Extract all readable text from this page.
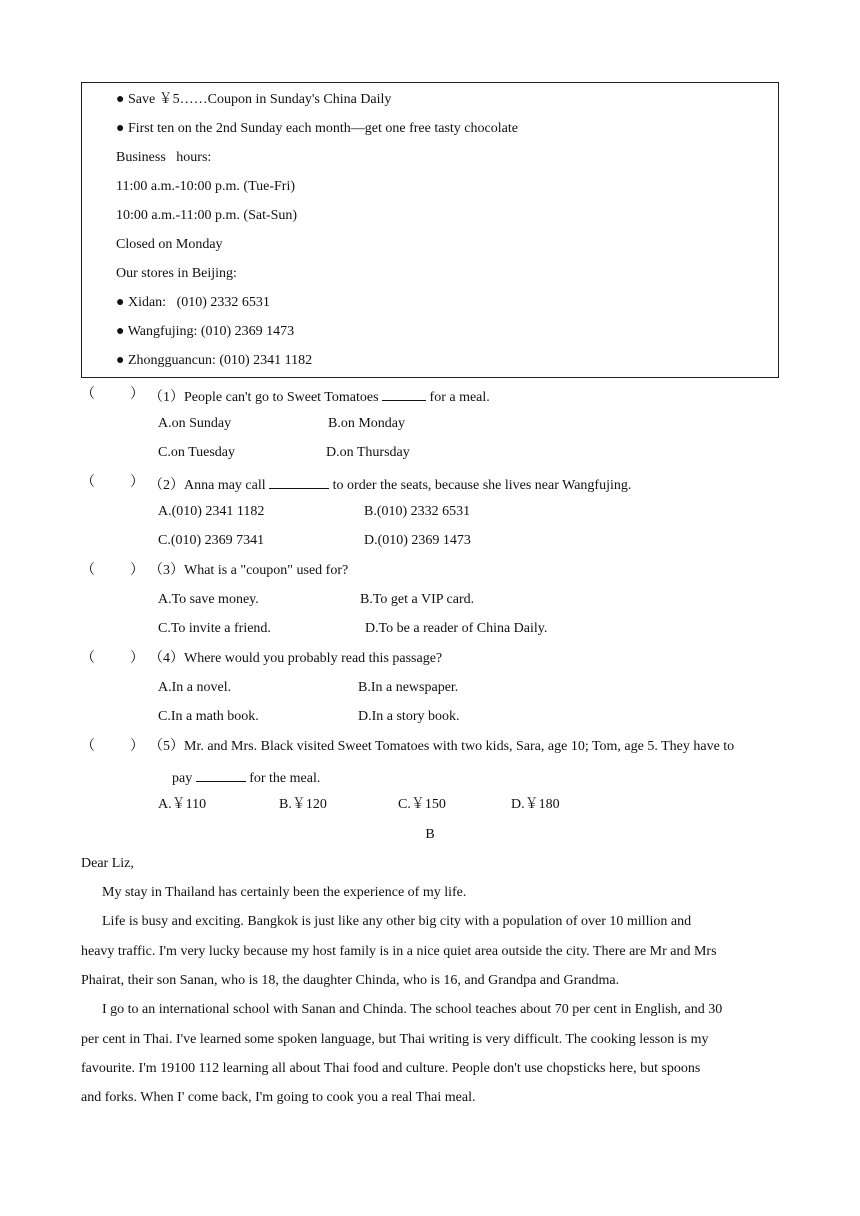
● Save ￥5……Coupon in Sunday's China Daily
● First ten on the 2nd Sunday each month—get one free tasty chocolate
Business   hours:
11:00 a.m.-10:00 p.m. (Tue-Fri)
10:00 a.m.-11:00 p.m. (Sat-Sun)
Closed on Monday
Our stores in Beijing:
● Xidan:   (010) 2332 6531
● Wangfujing: (010) 2369 1473
● Zhongguancun: (010) 2341 1182
（          ） （1）People can't go to Sweet Tomatoes	for a meal.
A.on Sunday	B.on Monday
C.on Tuesday	D.on Thursday
（          ） （2）Anna may call	to order the seats, because she lives near Wangfujing.
A.(010) 2341 1182	B.(010) 2332 6531
C.(010) 2369 7341	D.(010) 2369 1473
（          ） （3）What is a "coupon" used for?
A.To save money.	B.To get a VIP card.
C.To invite a friend.	D.To be a reader of China Daily.
（          ） （4）Where would you probably read this passage?
A.In a novel.	B.In a newspaper.
C.In a math book.	D.In a story book.
（          ） （5）Mr. and Mrs. Black visited Sweet Tomatoes with two kids, Sara, age 10; Tom, age 5. They have to
pay	for the meal.
A.￥110	B.￥120	C.￥150	D.￥180
B
Dear Liz,
My stay in Thailand has certainly been the experience of my life.
Life is busy and exciting. Bangkok is just like any other big city with a population of over 10 million and
heavy traffic. I'm very lucky because my host family is in a nice quiet area outside the city. There are Mr and Mrs
Phairat, their son Sanan, who is 18, the daughter Chinda, who is 16, and Grandpa and Grandma.
I go to an international school with Sanan and Chinda. The school teaches about 70 per cent in English, and 30
per cent in Thai. I've learned some spoken language, but Thai writing is very difficult. The cooking lesson is my
favourite. I'm 19100 112 learning all about Thai food and culture. People don't use chopsticks here, but spoons
and forks. When I' come back, I'm going to cook you a real Thai meal.
